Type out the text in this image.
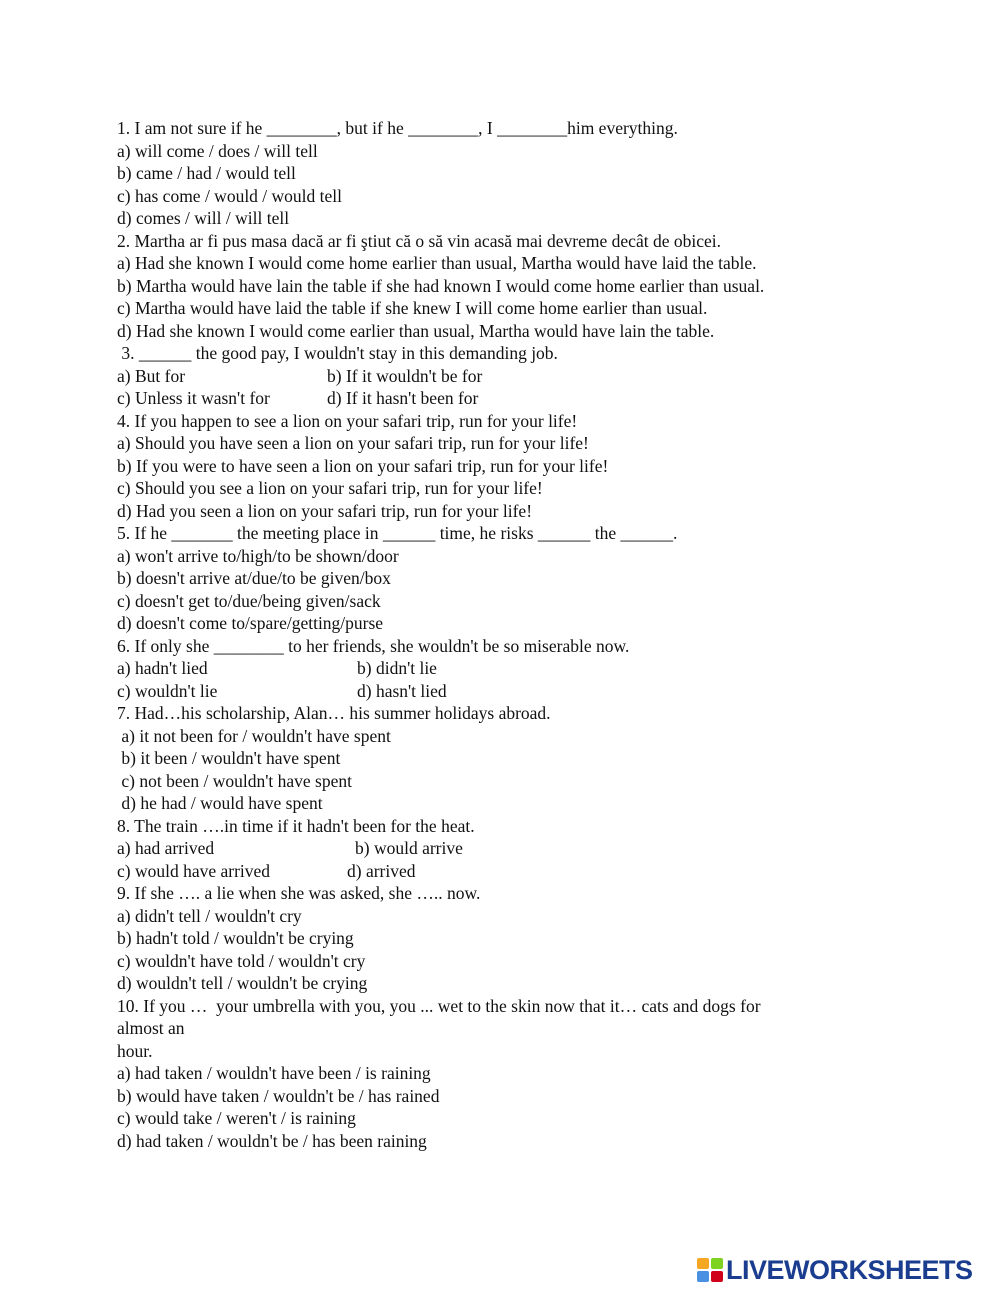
1. I am not sure if he ________, but if he ________, I ________him everything.
a) will come / does / will tell
b) came / had / would tell
c) has come / would / would tell
d) comes / will / will tell
2. Martha ar fi pus masa dacă ar fi ştiut că o să vin acasă mai devreme decât de obicei.
a) Had she known I would come home earlier than usual, Martha would have laid the table.
b) Martha would have lain the table if she had known I would come home earlier than usual.
c) Martha would have laid the table if she knew I will come home earlier than usual.
d) Had she known I would come earlier than usual, Martha would have lain the table.
3. ______ the good pay, I wouldn't stay in this demanding job.
a) But for	b) If it wouldn't be for
c) Unless it wasn't for	d) If it hasn't been for
4. If you happen to see a lion on your safari trip, run for your life!
a) Should you have seen a lion on your safari trip, run for your life!
b) If you were to have seen a lion on your safari trip, run for your life!
c) Should you see a lion on your safari trip, run for your life!
d) Had you seen a lion on your safari trip, run for your life!
5. If he _______ the meeting place in ______ time, he risks ______ the ______.
a) won't arrive to/high/to be shown/door
b) doesn't arrive at/due/to be given/box
c) doesn't get to/due/being given/sack
d) doesn't come to/spare/getting/purse
6. If only she ________ to her friends, she wouldn't be so miserable now.
a) hadn't lied	b) didn't lie
c) wouldn't lie	d) hasn't lied
7. Had…his scholarship, Alan… his summer holidays abroad.
a) it not been for / wouldn't have spent
b) it been / wouldn't have spent
c) not been / wouldn't have spent
d) he had / would have spent
8. The train ….in time if it hadn't been for the heat.
a) had arrived	b) would arrive
c) would have arrived	d) arrived
9. If she …. a lie when she was asked, she ….. now.
a) didn't tell / wouldn't cry
b) hadn't told / wouldn't be crying
c) wouldn't have told / wouldn't cry
d) wouldn't tell / wouldn't be crying
10. If you …  your umbrella with you, you ... wet to the skin now that it… cats and dogs for
almost an
hour.
a) had taken / wouldn't have been / is raining
b) would have taken / wouldn't be / has rained
c) would take / weren't / is raining
d) had taken / wouldn't be / has been raining
LIVEWORKSHEETS
